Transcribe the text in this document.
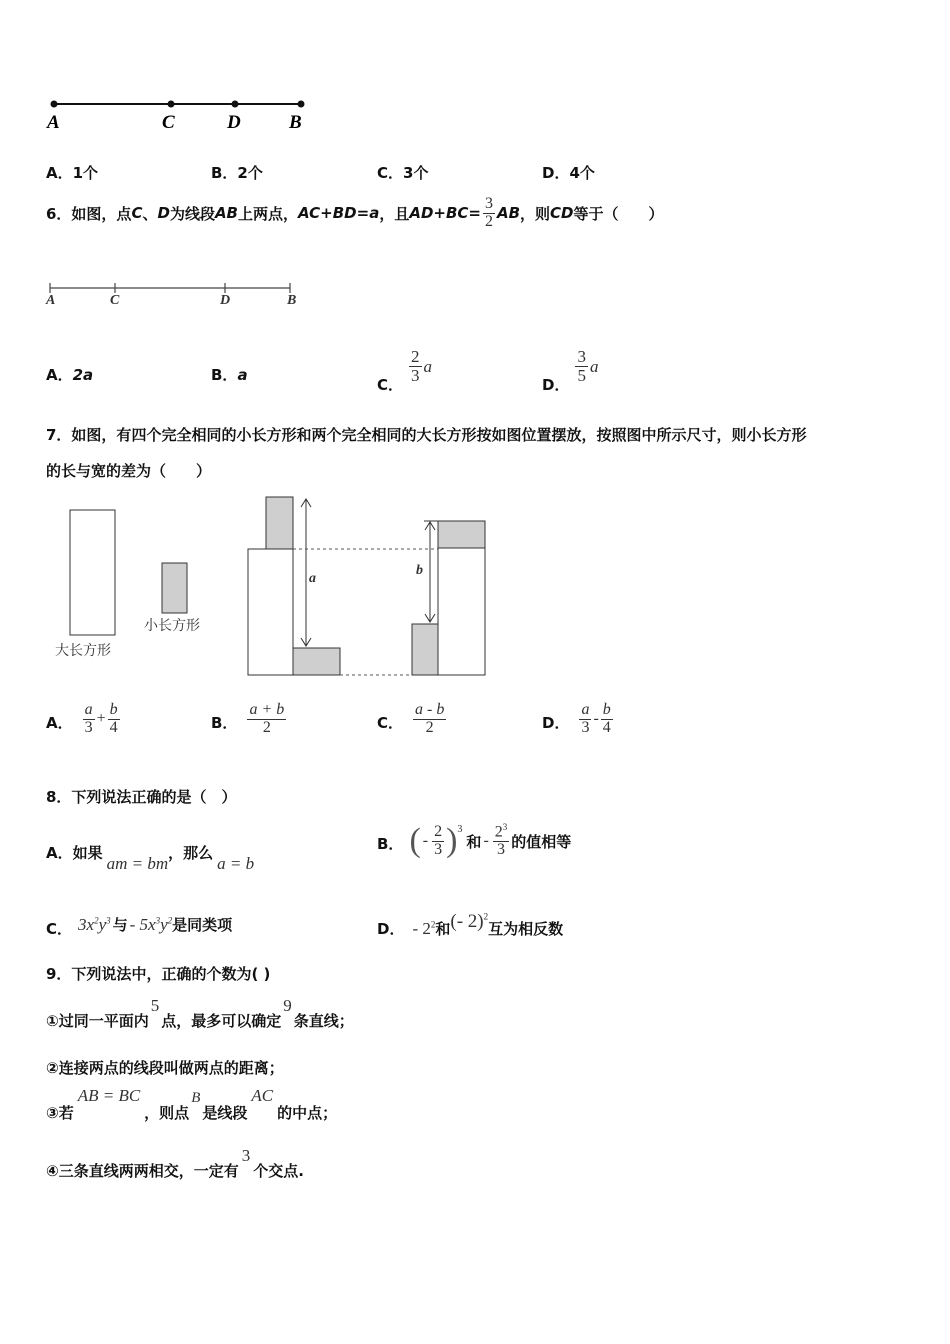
A	C	D	B
A．1个	B．2个	C．3个	D．4个
6．如图，点 C 、 D 为线段 AB 上两点， AC+BD=a ，且 $AD+BC= \frac{3}{2}$ AB ，则 CD 等于（　　）
A	C	D	B
A．2a	B．a
C．
$\frac{2}{3}$ a
D．
$\frac{3}{5}$ a
7．如图，有四个完全相同的小长方形和两个完全相同的大长方形按如图位置摆放，按照图中所示尺寸，则小长方形
的长与宽的差为（　　）
大长方形
小长方形
a
b
A． $\frac{a}{3} + \frac{b}{4}$	B． $\frac{a + b}{2}$	C． $\frac{a - b}{2}$	D． $\frac{a}{3} - \frac{b}{4}$
8．下列说法正确的是（　）
A．如果
am = bm
，那么
a = b
B． ( - $\frac{2}{3}$ ) 3
和 - $\frac{2^3}{3}$ 的值相等
C． $3x^2y^3$ 与 - $5x^3y^2$ 是同类项	D． - $2^2$ 和 (- 2)$^2$
互为相反数
9．下列说法中，正确的个数为( )
①过同一平面内
5
点，最多可以确定
9
条直线；
②连接两点的线段叫做两点的距离；
③若
AB = BC
，则点
B
是线段
AC
的中点；
④三条直线两两相交，一定有
3
个交点.
